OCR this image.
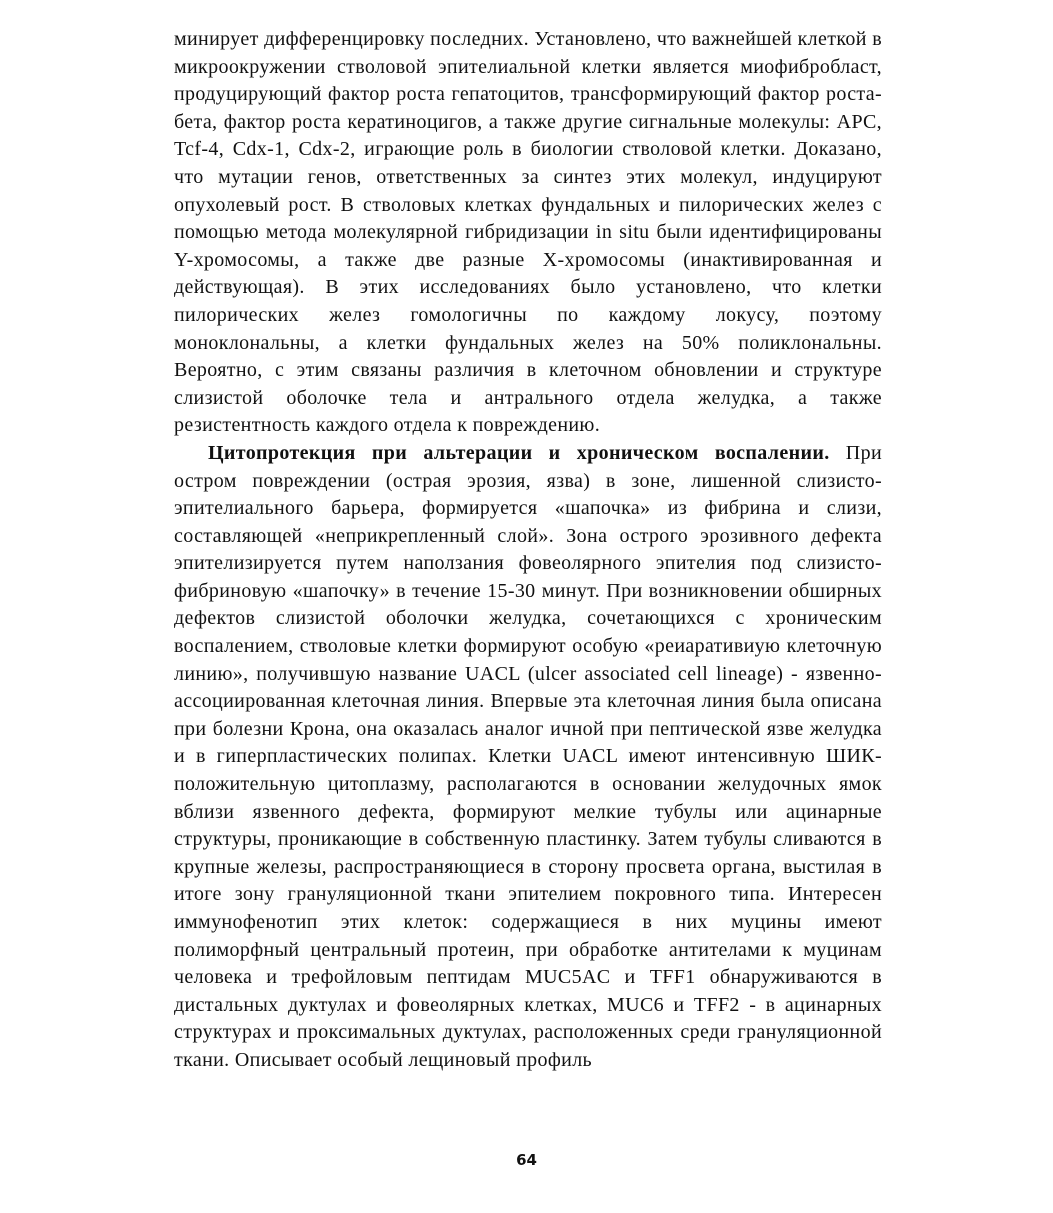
минирует дифференцировку последних. Установлено, что важнейшей клеткой в микроокружении стволовой эпителиальной клетки является миофибробласт, продуцирующий фактор роста гепатоцитов, трансформирующий фактор роста-бета, фактор роста кератиноцигов, а также другие сигнальные молекулы: APC, Tcf-4, Cdx-1, Cdx-2, играющие роль в биологии стволовой клетки. Доказано, что мутации генов, ответственных за синтез этих молекул, индуцируют опухолевый рост. В стволовых клетках фундальных и пилорических желез с помощью метода молекулярной гибридизации in situ были идентифицированы Y-хромосомы, а также две разные X-хромосомы (инактивированная и действующая). В этих исследованиях было установлено, что клетки пилорических желез гомологичны по каждому локусу, поэтому моноклональны, а клетки фундальных желез на 50% поликлональны. Вероятно, с этим связаны различия в клеточном обновлении и структуре слизистой оболочке тела и антрального отдела желудка, а также резистентность каждого отдела к повреждению.

Цитопротекция при альтерации и хроническом воспалении. При остром повреждении (острая эрозия, язва) в зоне, лишенной слизисто-эпителиального барьера, формируется «шапочка» из фибрина и слизи, составляющей «неприкрепленный слой». Зона острого эрозивного дефекта эпителизируется путем наползания фовеолярного эпителия под слизисто-фибриновую «шапочку» в течение 15-30 минут. При возникновении обширных дефектов слизистой оболочки желудка, сочетающихся с хроническим воспалением, стволовые клетки формируют особую «реиаративиую клеточную линию», получившую название UACL (ulcer associated cell lineage) - язвенно-ассоциированная клеточная линия. Впервые эта клеточная линия была описана при болезни Крона, она оказалась аналог ичной при пептической язве желудка и в гиперпластических полипах. Клетки UACL имеют интенсивную ШИК-положительную цитоплазму, располагаются в основании желудочных ямок вблизи язвенного дефекта, формируют мелкие тубулы или ацинарные структуры, проникающие в собственную пластинку. Затем тубулы сливаются в крупные железы, распространяющиеся в сторону просвета органа, выстилая в итоге зону грануляционной ткани эпителием покровного типа. Интересен иммунофенотип этих клеток: содержащиеся в них муцины имеют полиморфный центральный протеин, при обработке антителами к муцинам человека и трефойловым пептидам MUC5AC и TFF1 обнаруживаются в дистальных дуктулах и фовеолярных клетках, MUC6 и TFF2 - в ацинарных структурах и проксимальных дуктулах, расположенных среди грануляционной ткани. Описывает особый лещиновый профиль

64
